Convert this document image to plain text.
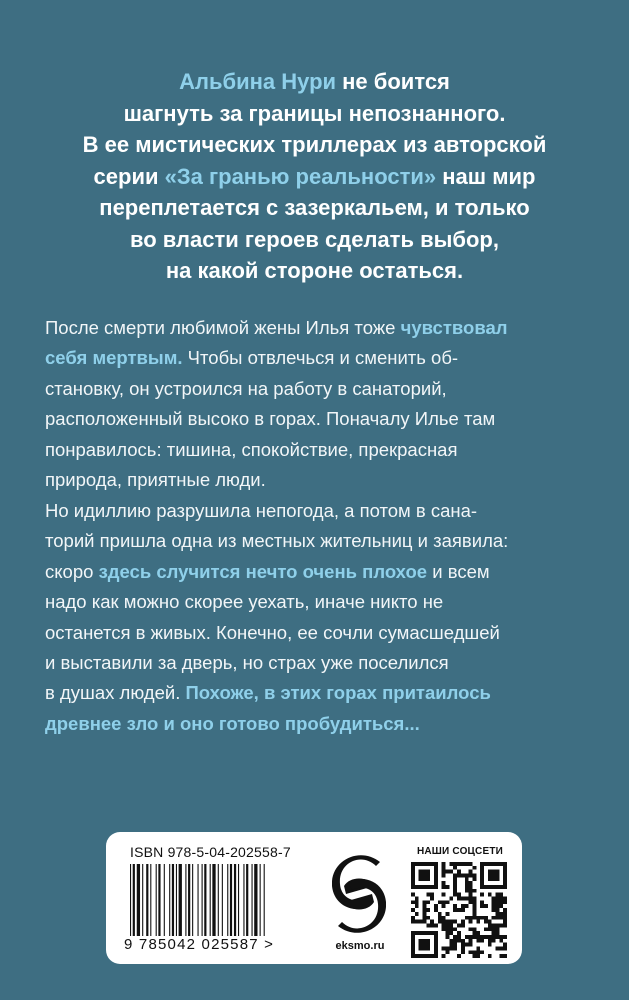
Альбина Нури не боится
шагнуть за границы непознанного.
В ее мистических триллерах из авторской
серии «За гранью реальности» наш мир
переплетается с зазеркальем, и только
во власти героев сделать выбор,
на какой стороне остаться.
После смерти любимой жены Илья тоже чувствовал
себя мертвым. Чтобы отвлечься и сменить об-
становку, он устроился на работу в санаторий,
расположенный высоко в горах. Поначалу Илье там
понравилось: тишина, спокойствие, прекрасная
природа, приятные люди.
Но идиллию разрушила непогода, а потом в сана-
торий пришла одна из местных жительниц и заявила:
скоро здесь случится нечто очень плохое и всем
надо как можно скорее уехать, иначе никто не
останется в живых. Конечно, ее сочли сумасшедшей
и выставили за дверь, но страх уже поселился
в душах людей. Похоже, в этих горах притаилось
древнее зло и оно готово пробудиться...
ISBN 978-5-04-202558-7
9 785042 025587 >	eksmo.ru
НАШИ СОЦСЕТИ
